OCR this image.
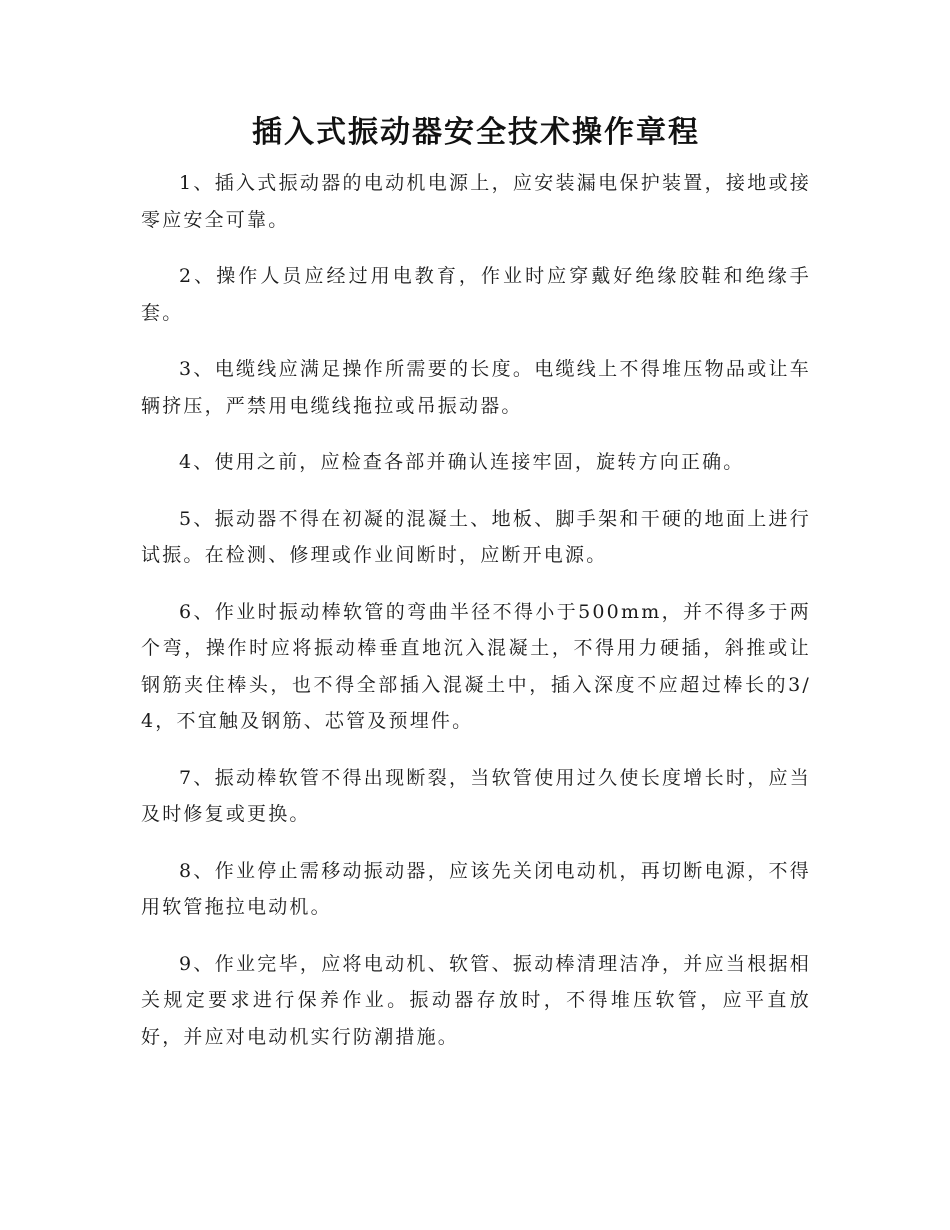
插入式振动器安全技术操作章程

1、插入式振动器的电动机电源上，应安装漏电保护装置，接地或接零应安全可靠。

2、操作人员应经过用电教育，作业时应穿戴好绝缘胶鞋和绝缘手套。

3、电缆线应满足操作所需要的长度。电缆线上不得堆压物品或让车辆挤压，严禁用电缆线拖拉或吊振动器。

4、使用之前，应检查各部并确认连接牢固，旋转方向正确。

5、振动器不得在初凝的混凝土、地板、脚手架和干硬的地面上进行试振。在检测、修理或作业间断时，应断开电源。

6、作业时振动棒软管的弯曲半径不得小于500mm，并不得多于两个弯，操作时应将振动棒垂直地沉入混凝土，不得用力硬插，斜推或让钢筋夹住棒头，也不得全部插入混凝土中，插入深度不应超过棒长的3/4，不宜触及钢筋、芯管及预埋件。

7、振动棒软管不得出现断裂，当软管使用过久使长度增长时，应当及时修复或更换。

8、作业停止需移动振动器，应该先关闭电动机，再切断电源，不得用软管拖拉电动机。

9、作业完毕，应将电动机、软管、振动棒清理洁净，并应当根据相关规定要求进行保养作业。振动器存放时，不得堆压软管，应平直放好，并应对电动机实行防潮措施。
